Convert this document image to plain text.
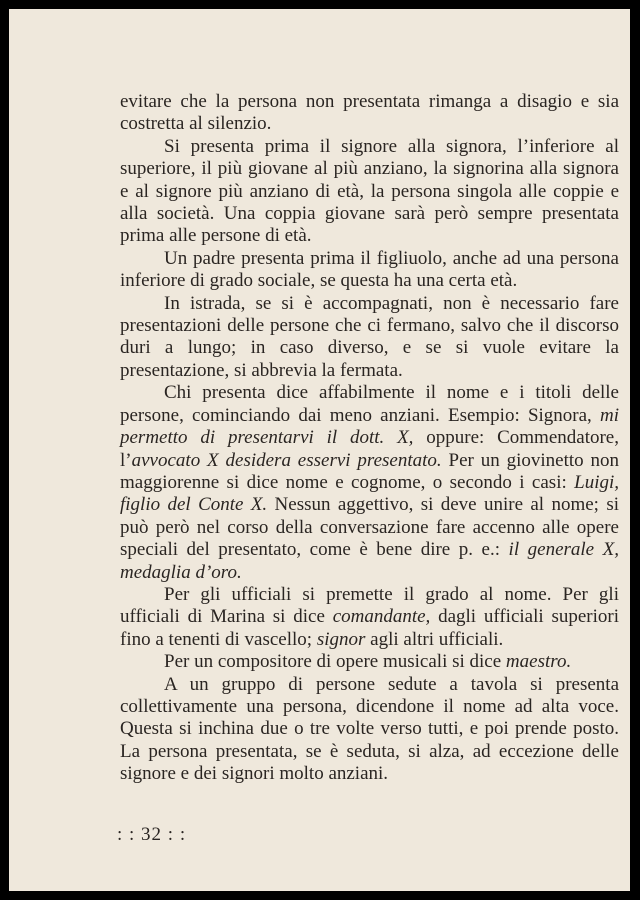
evitare che la persona non presentata rimanga a disagio e sia costretta al silenzio.

Si presenta prima il signore alla signora, l’inferiore al superiore, il più giovane al più anziano, la signorina alla signora e al signore più anziano di età, la persona singola alle coppie e alla società. Una coppia giovane sarà però sempre presentata prima alle persone di età.

Un padre presenta prima il figliuolo, anche ad una persona inferiore di grado sociale, se questa ha una certa età.

In istrada, se si è accompagnati, non è necessario fare presentazioni delle persone che ci fermano, salvo che il discorso duri a lungo; in caso diverso, e se si vuole evitare la presentazione, si abbrevia la fermata.

Chi presenta dice affabilmente il nome e i titoli delle persone, cominciando dai meno anziani. Esempio: Signora, mi permetto di presentarvi il dott. X, oppure: Commendatore, l’avvocato X desidera esservi presentato. Per un giovinetto non maggiorenne si dice nome e cognome, o secondo i casi: Luigi, figlio del Conte X. Nessun aggettivo, si deve unire al nome; si può però nel corso della conversazione fare accenno alle opere speciali del presentato, come è bene dire p. e.: il generale X, medaglia d’oro.

Per gli ufficiali si premette il grado al nome. Per gli ufficiali di Marina si dice comandante, dagli ufficiali superiori fino a tenenti di vascello; signor agli altri ufficiali.

Per un compositore di opere musicali si dice maestro.

A un gruppo di persone sedute a tavola si presenta collettivamente una persona, dicendone il nome ad alta voce. Questa si inchina due o tre volte verso tutti, e poi prende posto. La persona presentata, se è seduta, si alza, ad eccezione delle signore e dei signori molto anziani.

: : 32 : :
